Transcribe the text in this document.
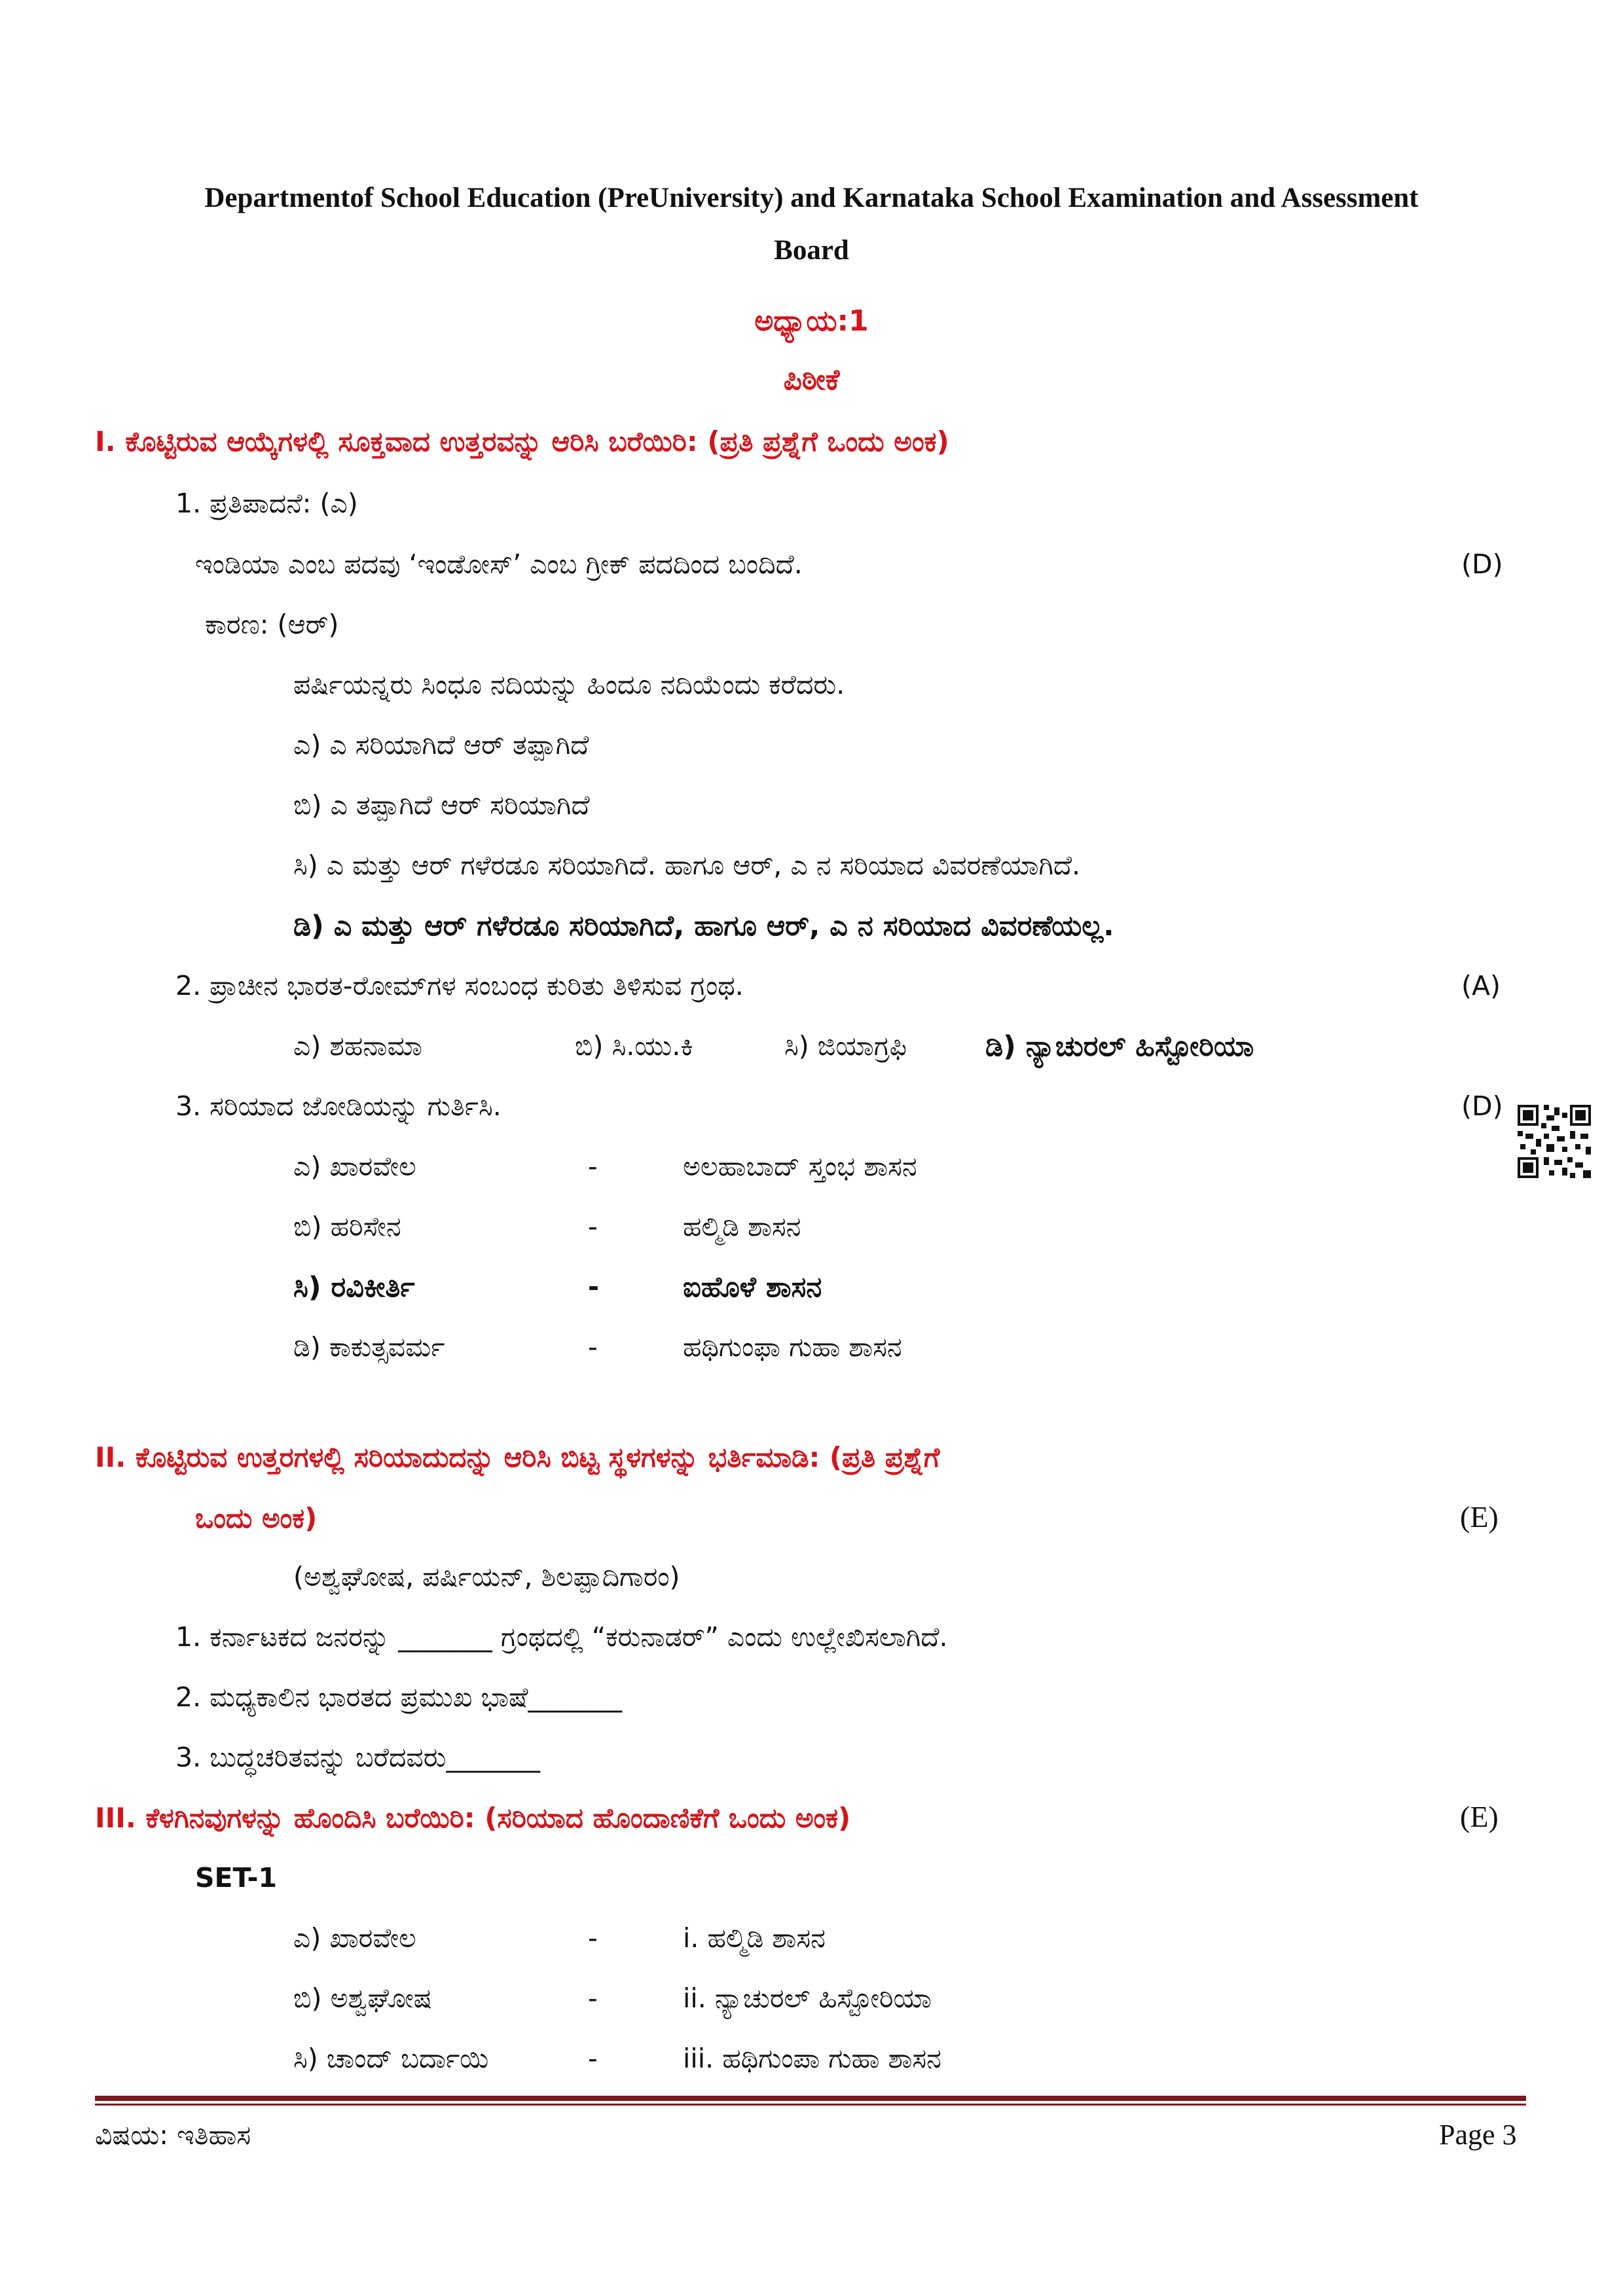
Departmentof School Education (PreUniversity) and Karnataka School Examination and Assessment
Board
ಅಧ್ಯಾಯ:1
ಪಿಠೀಕೆ
I. ಕೊಟ್ಟಿರುವ ಆಯ್ಕೆಗಳಲ್ಲಿ ಸೂಕ್ತವಾದ ಉತ್ತರವನ್ನು ಆರಿಸಿ ಬರೆಯಿರಿ: (ಪ್ರತಿ ಪ್ರಶ್ನೆಗೆ ಒಂದು ಅಂಕ)
1. ಪ್ರತಿಪಾದನೆ: (ಎ)
ಇಂಡಿಯಾ ಎಂಬ ಪದವು ‘ಇಂಡೋಸ್’ ಎಂಬ ಗ್ರೀಕ್ ಪದದಿಂದ ಬಂದಿದೆ.	(D)
ಕಾರಣ: (ಆರ್)
ಪರ್ಷಿಯನ್ನರು ಸಿಂಧೂ ನದಿಯನ್ನು ಹಿಂದೂ ನದಿಯೆಂದು ಕರೆದರು.
ಎ) ಎ ಸರಿಯಾಗಿದೆ ಆರ್ ತಪ್ಪಾಗಿದೆ
ಬಿ) ಎ ತಪ್ಪಾಗಿದೆ ಆರ್ ಸರಿಯಾಗಿದೆ
ಸಿ) ಎ ಮತ್ತು ಆರ್ ಗಳೆರಡೂ ಸರಿಯಾಗಿದೆ. ಹಾಗೂ ಆರ್, ಎ ನ ಸರಿಯಾದ ವಿವರಣೆಯಾಗಿದೆ.
ಡಿ) ಎ ಮತ್ತು ಆರ್ ಗಳೆರಡೂ ಸರಿಯಾಗಿದೆ, ಹಾಗೂ ಆರ್, ಎ ನ ಸರಿಯಾದ ವಿವರಣೆಯಲ್ಲ.
2. ಪ್ರಾಚೀನ ಭಾರತ-ರೋಮ್‌ಗಳ ಸಂಬಂಧ ಕುರಿತು ತಿಳಿಸುವ ಗ್ರಂಥ.	(A)
ಎ) ಶಹನಾಮಾ	ಬಿ) ಸಿ.ಯು.ಕಿ	ಸಿ) ಜಿಯಾಗ್ರಫಿ	ಡಿ) ನ್ಯಾಚುರಲ್ ಹಿಸ್ಟೋರಿಯಾ
3. ಸರಿಯಾದ ಜೋಡಿಯನ್ನು ಗುರ್ತಿಸಿ.	(D)
ಎ) ಖಾರವೇಲ	-	ಅಲಹಾಬಾದ್ ಸ್ತಂಭ ಶಾಸನ
ಬಿ) ಹರಿಸೇನ	-	ಹಲ್ಮಿಡಿ ಶಾಸನ
ಸಿ) ರವಿಕೀರ್ತಿ	-	ಐಹೊಳೆ ಶಾಸನ
ಡಿ) ಕಾಕುತ್ಸವರ್ಮ	-	ಹಥಿಗುಂಫಾ ಗುಹಾ ಶಾಸನ
II. ಕೊಟ್ಟಿರುವ ಉತ್ತರಗಳಲ್ಲಿ ಸರಿಯಾದುದನ್ನು ಆರಿಸಿ ಬಿಟ್ಟ ಸ್ಥಳಗಳನ್ನು ಭರ್ತಿಮಾಡಿ: (ಪ್ರತಿ ಪ್ರಶ್ನೆಗೆ
ಒಂದು ಅಂಕ)	(E)
(ಅಶ್ವಘೋಷ, ಪರ್ಷಿಯನ್, ಶಿಲಪ್ಪಾದಿಗಾರಂ)
1. ಕರ್ನಾಟಕದ ಜನರನ್ನು _______ ಗ್ರಂಥದಲ್ಲಿ “ಕರುನಾಡರ್” ಎಂದು ಉಲ್ಲೇಖಿಸಲಾಗಿದೆ.
2. ಮಧ್ಯಕಾಲಿನ ಭಾರತದ ಪ್ರಮುಖ ಭಾಷೆ_______
3. ಬುದ್ಧಚರಿತವನ್ನು ಬರೆದವರು_______
III. ಕೆಳಗಿನವುಗಳನ್ನು ಹೊಂದಿಸಿ ಬರೆಯಿರಿ: (ಸರಿಯಾದ ಹೊಂದಾಣಿಕೆಗೆ ಒಂದು ಅಂಕ)	(E)
SET-1
ಎ) ಖಾರವೇಲ	-	i. ಹಲ್ಮಿಡಿ ಶಾಸನ
ಬಿ) ಅಶ್ವಘೋಷ	-	ii. ನ್ಯಾಚುರಲ್ ಹಿಸ್ಟೋರಿಯಾ
ಸಿ) ಚಾಂದ್ ಬರ್ದಾಯಿ	-	iii. ಹಥಿಗುಂಪಾ ಗುಹಾ ಶಾಸನ
ವಿಷಯ: ಇತಿಹಾಸ	Page 3
